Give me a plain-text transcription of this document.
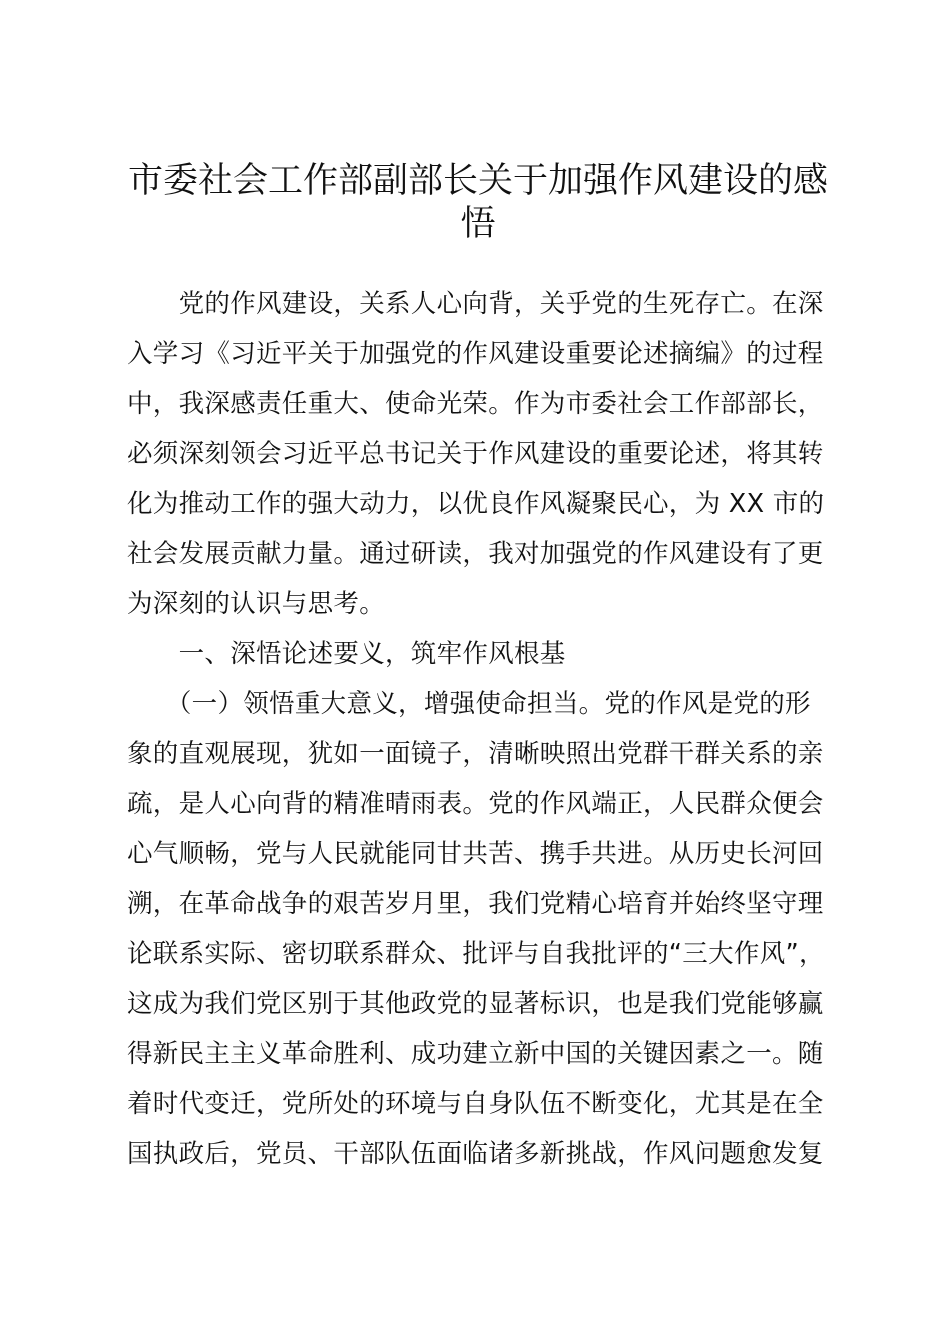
市委社会工作部副部长关于加强作风建设的感
悟
　　党的作风建设，关系人心向背，关乎党的生死存亡。在深
入学习《习近平关于加强党的作风建设重要论述摘编》的过程
中，我深感责任重大、使命光荣。作为市委社会工作部部长，
必须深刻领会习近平总书记关于作风建设的重要论述，将其转
化为推动工作的强大动力，以优良作风凝聚民心，为 XX 市的
社会发展贡献力量。通过研读，我对加强党的作风建设有了更
为深刻的认识与思考。
　　一、深悟论述要义，筑牢作风根基
　　（一）领悟重大意义，增强使命担当。党的作风是党的形
象的直观展现，犹如一面镜子，清晰映照出党群干群关系的亲
疏，是人心向背的精准晴雨表。党的作风端正，人民群众便会
心气顺畅，党与人民就能同甘共苦、携手共进。从历史长河回
溯，在革命战争的艰苦岁月里，我们党精心培育并始终坚守理
论联系实际、密切联系群众、批评与自我批评的“三大作风”，
这成为我们党区别于其他政党的显著标识，也是我们党能够赢
得新民主主义革命胜利、成功建立新中国的关键因素之一。随
着时代变迁，党所处的环境与自身队伍不断变化，尤其是在全
国执政后，党员、干部队伍面临诸多新挑战，作风问题愈发复
